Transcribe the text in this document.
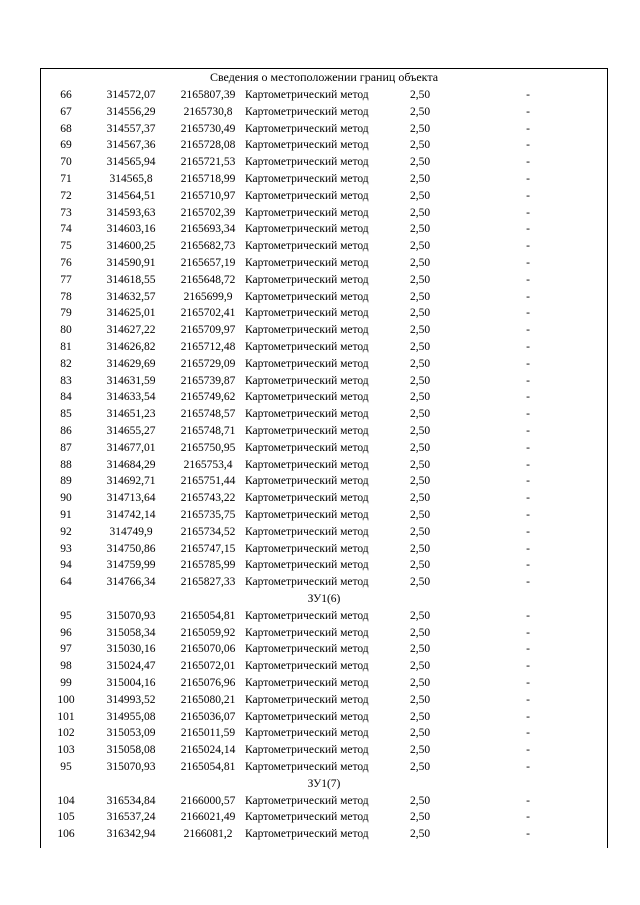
Сведения о местоположении границ объекта
66	314572,07	2165807,39 Картометрический метод	2,50	-
67	314556,29	2165730,8	Картометрический метод	2,50	-
68	314557,37	2165730,49 Картометрический метод	2,50	-
69	314567,36	2165728,08 Картометрический метод	2,50	-
70	314565,94	2165721,53 Картометрический метод	2,50	-
71	314565,8	2165718,99 Картометрический метод	2,50	-
72	314564,51	2165710,97 Картометрический метод	2,50	-
73	314593,63	2165702,39 Картометрический метод	2,50	-
74	314603,16	2165693,34 Картометрический метод	2,50	-
75	314600,25	2165682,73 Картометрический метод	2,50	-
76	314590,91	2165657,19 Картометрический метод	2,50	-
77	314618,55	2165648,72 Картометрический метод	2,50	-
78	314632,57	2165699,9	Картометрический метод	2,50	-
79	314625,01	2165702,41 Картометрический метод	2,50	-
80	314627,22	2165709,97 Картометрический метод	2,50	-
81	314626,82	2165712,48 Картометрический метод	2,50	-
82	314629,69	2165729,09 Картометрический метод	2,50	-
83	314631,59	2165739,87 Картометрический метод	2,50	-
84	314633,54	2165749,62 Картометрический метод	2,50	-
85	314651,23	2165748,57 Картометрический метод	2,50	-
86	314655,27	2165748,71 Картометрический метод	2,50	-
87	314677,01	2165750,95 Картометрический метод	2,50	-
88	314684,29	2165753,4	Картометрический метод	2,50	-
89	314692,71	2165751,44 Картометрический метод	2,50	-
90	314713,64	2165743,22 Картометрический метод	2,50	-
91	314742,14	2165735,75 Картометрический метод	2,50	-
92	314749,9	2165734,52 Картометрический метод	2,50	-
93	314750,86	2165747,15 Картометрический метод	2,50	-
94	314759,99	2165785,99 Картометрический метод	2,50	-
64	314766,34	2165827,33 Картометрический метод	2,50	-
ЗУ1(6)
95	315070,93	2165054,81 Картометрический метод	2,50	-
96	315058,34	2165059,92 Картометрический метод	2,50	-
97	315030,16	2165070,06 Картометрический метод	2,50	-
98	315024,47	2165072,01 Картометрический метод	2,50	-
99	315004,16	2165076,96 Картометрический метод	2,50	-
100	314993,52	2165080,21 Картометрический метод	2,50	-
101	314955,08	2165036,07 Картометрический метод	2,50	-
102	315053,09	2165011,59 Картометрический метод	2,50	-
103	315058,08	2165024,14 Картометрический метод	2,50	-
95	315070,93	2165054,81 Картометрический метод	2,50	-
ЗУ1(7)
104	316534,84	2166000,57 Картометрический метод	2,50	-
105	316537,24	2166021,49 Картометрический метод	2,50	-
106	316342,94	2166081,2	Картометрический метод	2,50	-
